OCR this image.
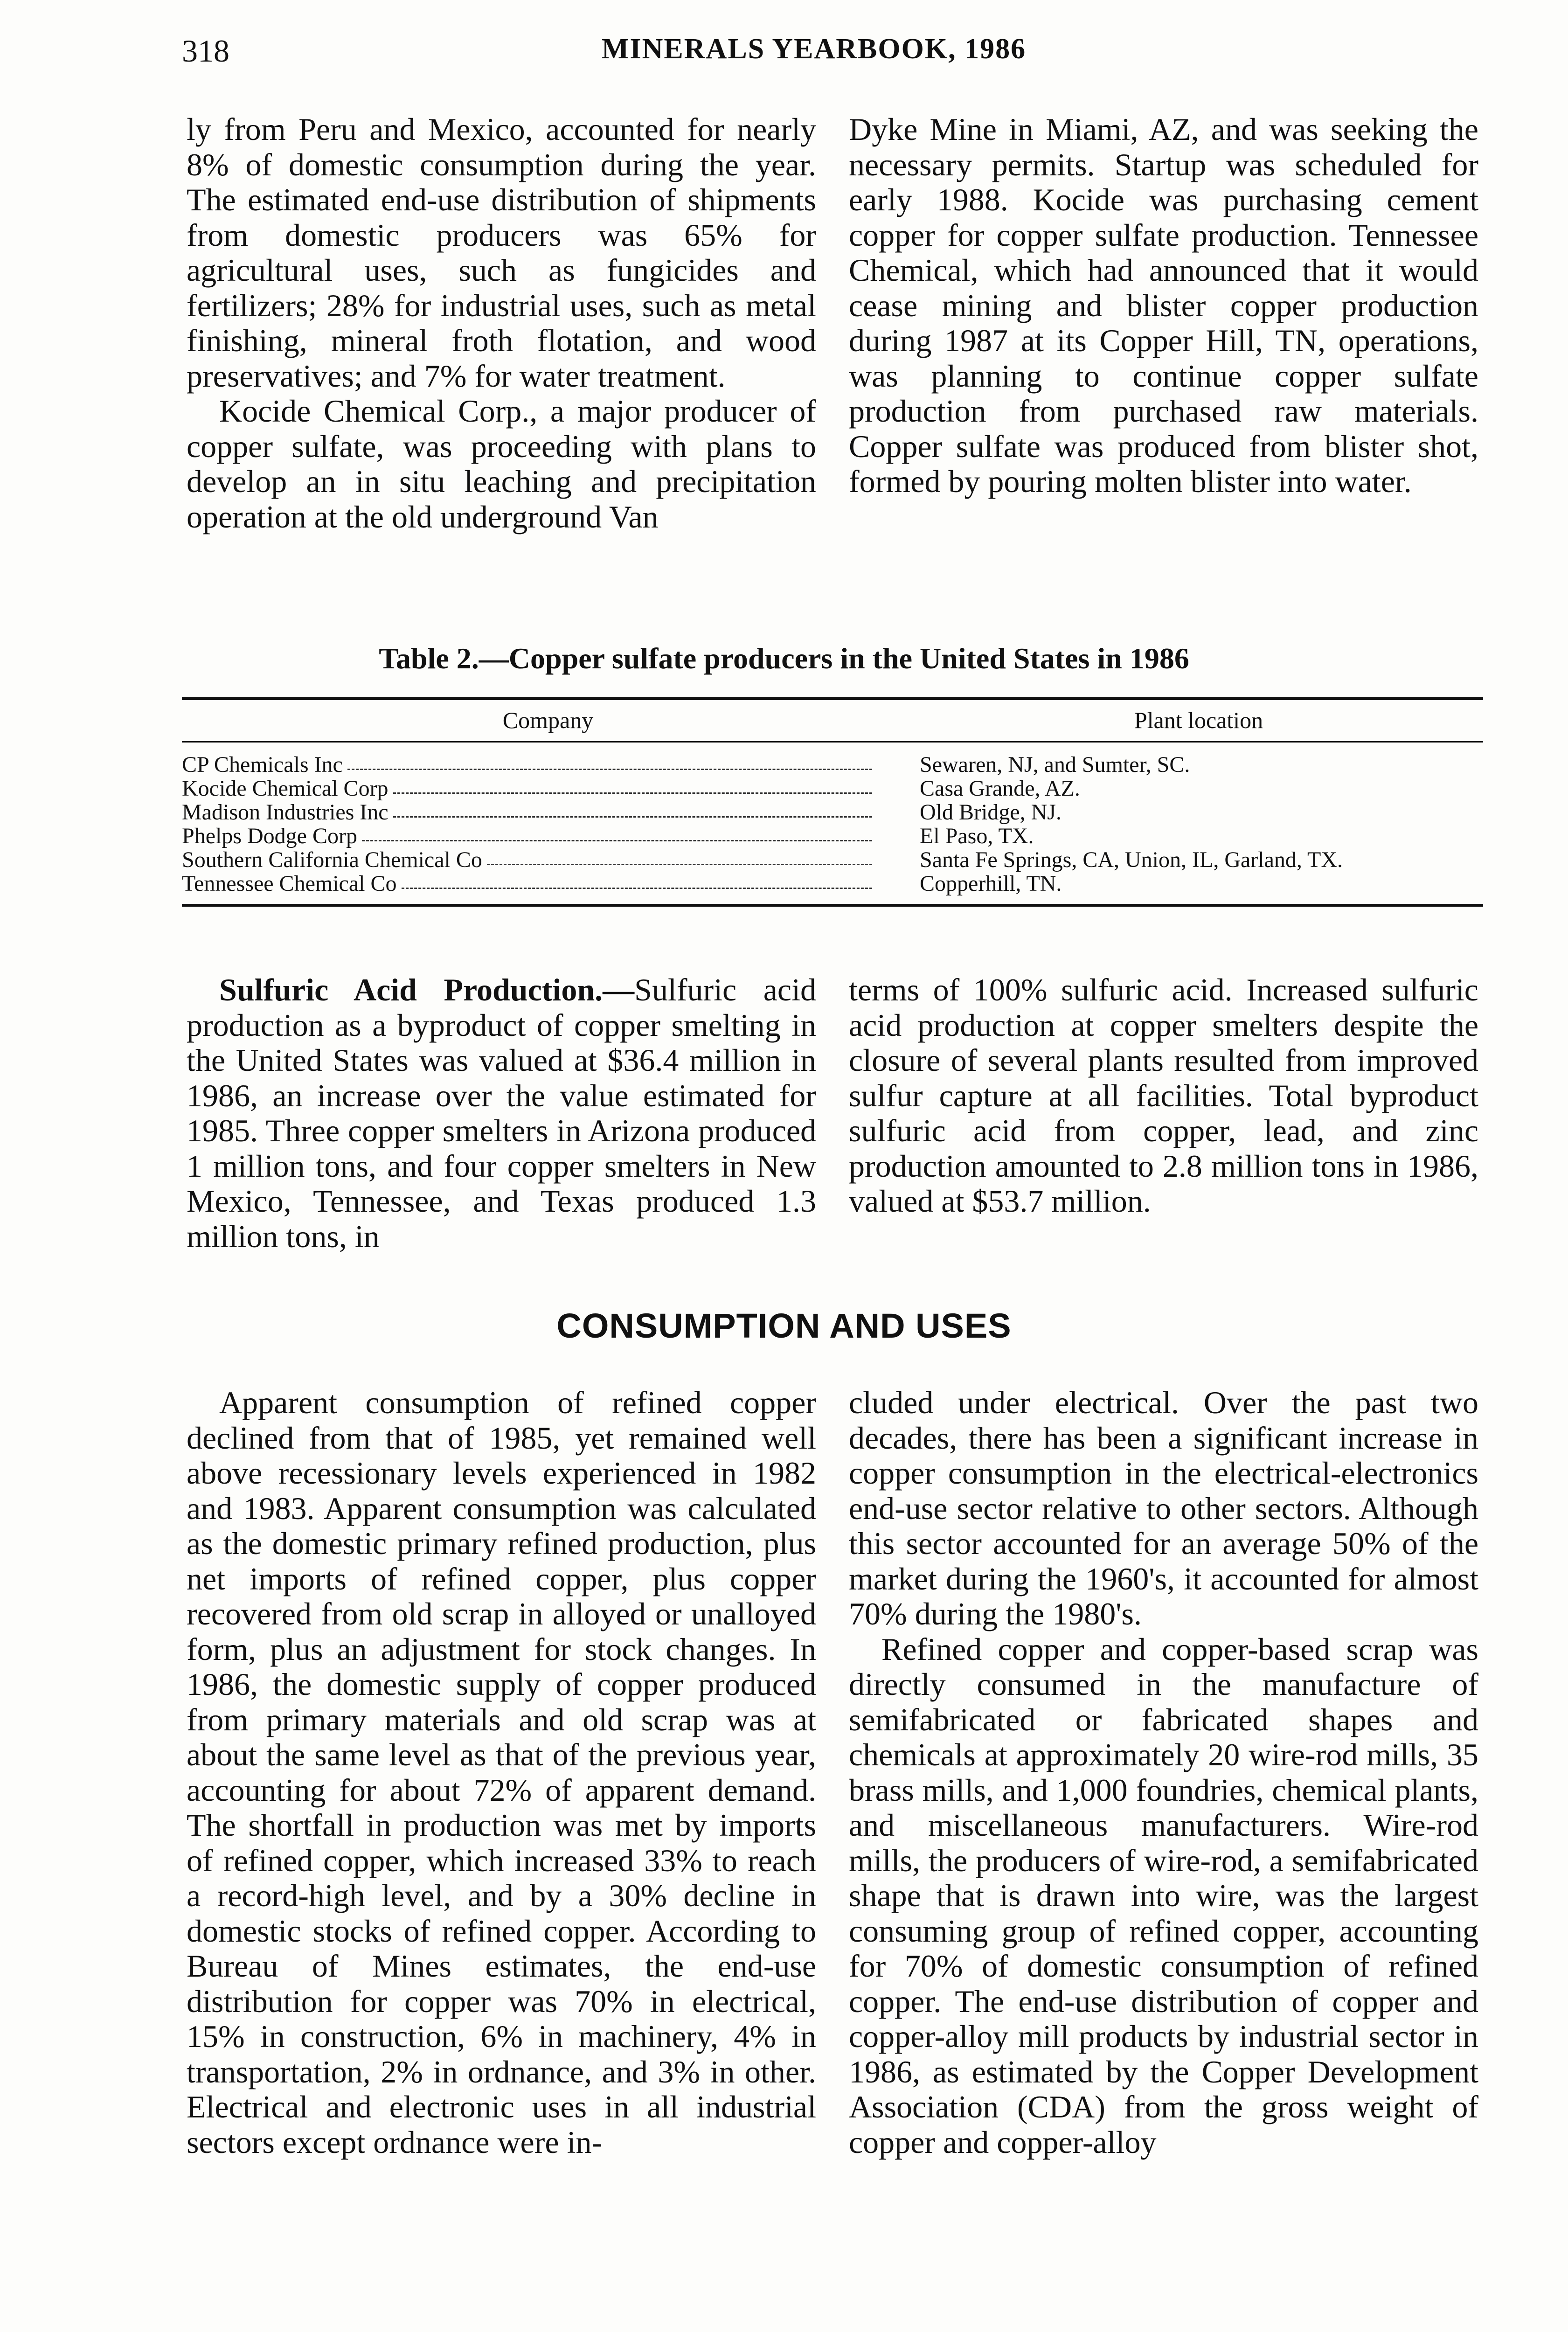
318	MINERALS YEARBOOK, 1986

ly from Peru and Mexico, accounted for nearly 8% of domestic consumption during the year. The estimated end-use distribution of shipments from domestic producers was 65% for agricultural uses, such as fungicides and fertilizers; 28% for industrial uses, such as metal finishing, mineral froth flotation, and wood preservatives; and 7% for water treatment.

Kocide Chemical Corp., a major producer of copper sulfate, was proceeding with plans to develop an in situ leaching and precipitation operation at the old underground Van

Dyke Mine in Miami, AZ, and was seeking the necessary permits. Startup was scheduled for early 1988. Kocide was purchasing cement copper for copper sulfate production. Tennessee Chemical, which had announced that it would cease mining and blister copper production during 1987 at its Copper Hill, TN, operations, was planning to continue copper sulfate production from purchased raw materials. Copper sulfate was produced from blister shot, formed by pouring molten blister into water.

Table 2.—Copper sulfate producers in the United States in 1986
Company	Plant location
CP Chemicals Inc	Sewaren, NJ, and Sumter, SC.
Kocide Chemical Corp	Casa Grande, AZ.
Madison Industries Inc	Old Bridge, NJ.
Phelps Dodge Corp	El Paso, TX.
Southern California Chemical Co	Santa Fe Springs, CA, Union, IL, Garland, TX.
Tennessee Chemical Co	Copperhill, TN.

Sulfuric Acid Production.—Sulfuric acid production as a byproduct of copper smelting in the United States was valued at $36.4 million in 1986, an increase over the value estimated for 1985. Three copper smelters in Arizona produced 1 million tons, and four copper smelters in New Mexico, Tennessee, and Texas produced 1.3 million tons, in

terms of 100% sulfuric acid. Increased sulfuric acid production at copper smelters despite the closure of several plants resulted from improved sulfur capture at all facilities. Total byproduct sulfuric acid from copper, lead, and zinc production amounted to 2.8 million tons in 1986, valued at $53.7 million.

CONSUMPTION AND USES

Apparent consumption of refined copper declined from that of 1985, yet remained well above recessionary levels experienced in 1982 and 1983. Apparent consumption was calculated as the domestic primary refined production, plus net imports of refined copper, plus copper recovered from old scrap in alloyed or unalloyed form, plus an adjustment for stock changes. In 1986, the domestic supply of copper produced from primary materials and old scrap was at about the same level as that of the previous year, accounting for about 72% of apparent demand. The shortfall in production was met by imports of refined copper, which increased 33% to reach a record-high level, and by a 30% decline in domestic stocks of refined copper. According to Bureau of Mines estimates, the end-use distribution for copper was 70% in electrical, 15% in construction, 6% in machinery, 4% in transportation, 2% in ordnance, and 3% in other. Electrical and electronic uses in all industrial sectors except ordnance were in-

cluded under electrical. Over the past two decades, there has been a significant increase in copper consumption in the electrical-electronics end-use sector relative to other sectors. Although this sector accounted for an average 50% of the market during the 1960's, it accounted for almost 70% during the 1980's.

Refined copper and copper-based scrap was directly consumed in the manufacture of semifabricated or fabricated shapes and chemicals at approximately 20 wire-rod mills, 35 brass mills, and 1,000 foundries, chemical plants, and miscellaneous manufacturers. Wire-rod mills, the producers of wire-rod, a semifabricated shape that is drawn into wire, was the largest consuming group of refined copper, accounting for 70% of domestic consumption of refined copper. The end-use distribution of copper and copper-alloy mill products by industrial sector in 1986, as estimated by the Copper Development Association (CDA) from the gross weight of copper and copper-alloy
